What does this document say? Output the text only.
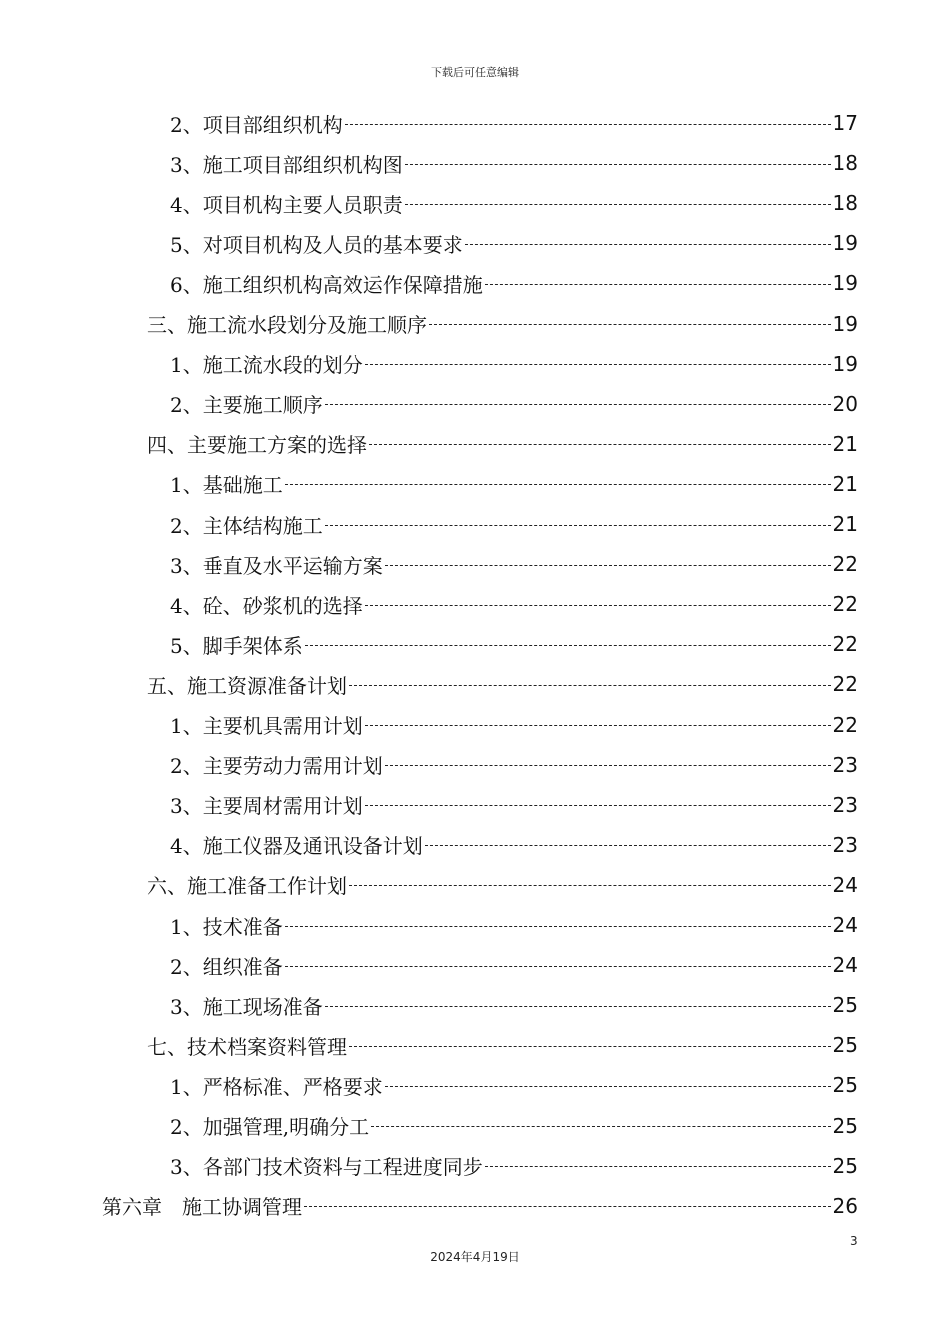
下载后可任意编辑
2、项目部组织机构	17
3、施工项目部组织机构图	18
4、项目机构主要人员职责	18
5、对项目机构及人员的基本要求	19
6、施工组织机构高效运作保障措施	19
三、施工流水段划分及施工顺序	19
1、施工流水段的划分	19
2、主要施工顺序	20
四、主要施工方案的选择	21
1、基础施工	21
2、主体结构施工	21
3、垂直及水平运输方案	22
4、砼、砂浆机的选择	22
5、脚手架体系	22
五、施工资源准备计划	22
1、主要机具需用计划	22
2、主要劳动力需用计划	23
3、主要周材需用计划	23
4、施工仪器及通讯设备计划	23
六、施工准备工作计划	24
1、技术准备	24
2、组织准备	24
3、施工现场准备	25
七、技术档案资料管理	25
1、严格标准、严格要求	25
2、加强管理,明确分工	25
3、各部门技术资料与工程进度同步	25
第六章　施工协调管理	26
3
2024年4月19日
